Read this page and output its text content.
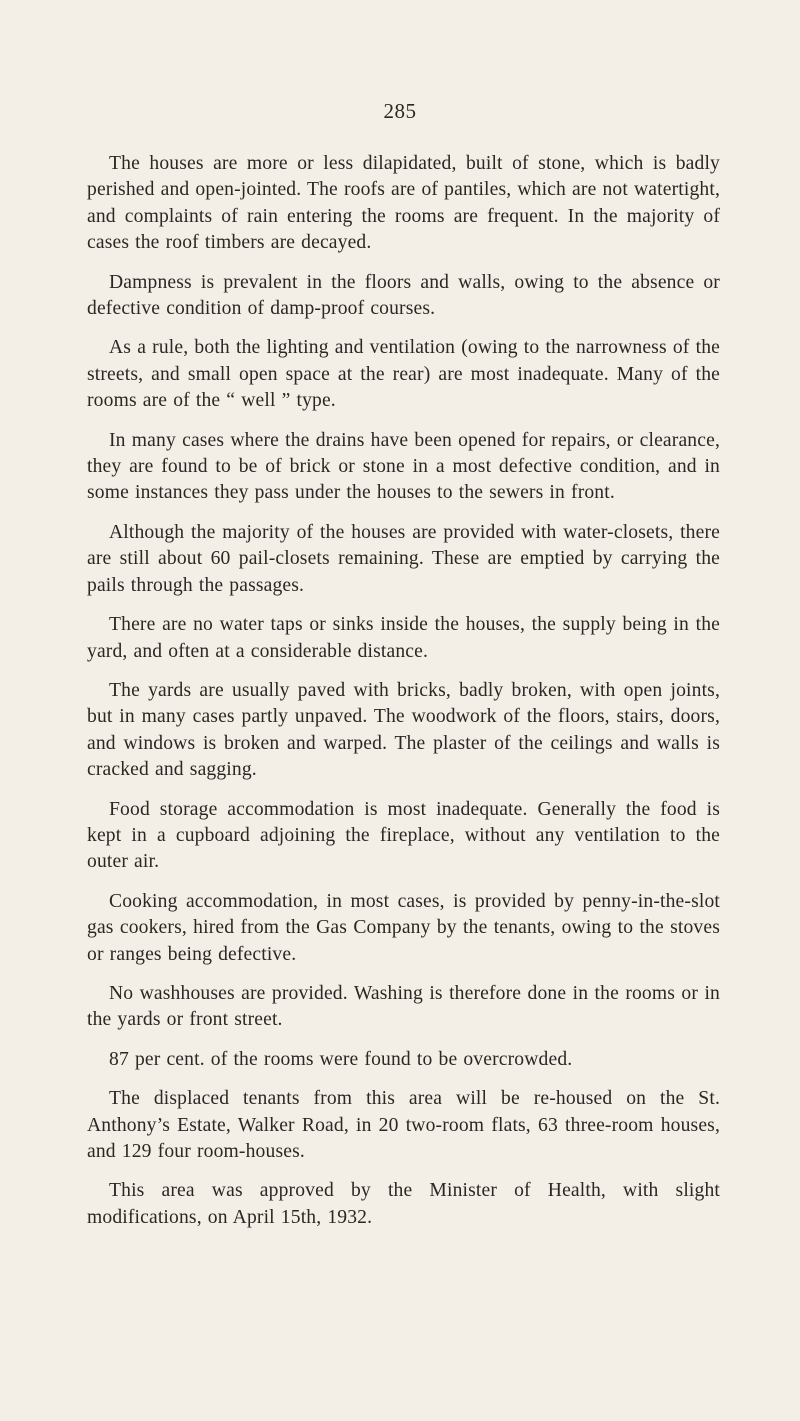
285

The houses are more or less dilapidated, built of stone, which is badly perished and open-jointed. The roofs are of pantiles, which are not watertight, and complaints of rain entering the rooms are frequent. In the majority of cases the roof timbers are decayed.

Dampness is prevalent in the floors and walls, owing to the absence or defective condition of damp-proof courses.

As a rule, both the lighting and ventilation (owing to the narrowness of the streets, and small open space at the rear) are most inadequate. Many of the rooms are of the “ well ” type.

In many cases where the drains have been opened for repairs, or clearance, they are found to be of brick or stone in a most defective condition, and in some instances they pass under the houses to the sewers in front.

Although the majority of the houses are provided with water-closets, there are still about 60 pail-closets remaining. These are emptied by carrying the pails through the passages.

There are no water taps or sinks inside the houses, the supply being in the yard, and often at a considerable distance.

The yards are usually paved with bricks, badly broken, with open joints, but in many cases partly unpaved. The woodwork of the floors, stairs, doors, and windows is broken and warped. The plaster of the ceilings and walls is cracked and sagging.

Food storage accommodation is most inadequate. Generally the food is kept in a cupboard adjoining the fireplace, without any ventilation to the outer air.

Cooking accommodation, in most cases, is provided by penny-in-the-slot gas cookers, hired from the Gas Company by the tenants, owing to the stoves or ranges being defective.

No washhouses are provided. Washing is therefore done in the rooms or in the yards or front street.

87 per cent. of the rooms were found to be overcrowded.

The displaced tenants from this area will be re-housed on the St. Anthony’s Estate, Walker Road, in 20 two-room flats, 63 three-room houses, and 129 four room-houses.

This area was approved by the Minister of Health, with slight modifications, on April 15th, 1932.
